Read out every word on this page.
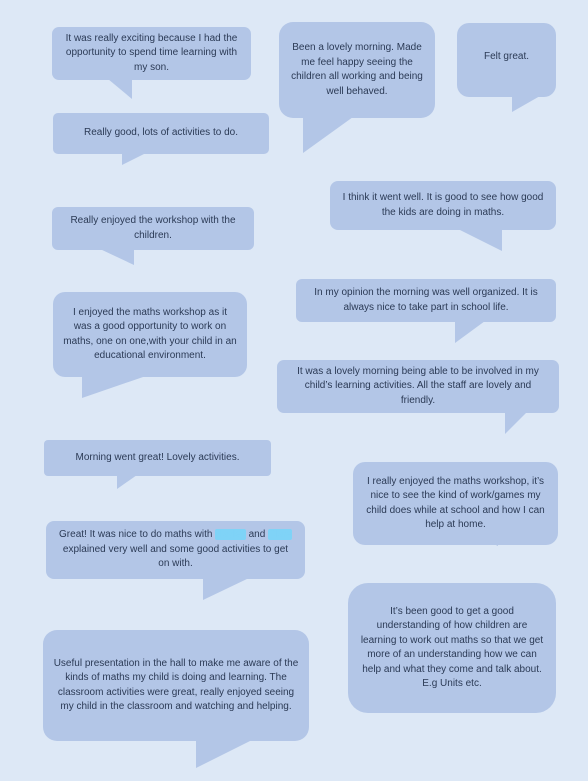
It was really exciting because I had the opportunity to spend time learning with my son.
Been a lovely morning. Made me feel happy seeing the children all working and being well behaved.
Felt great.
Really good, lots of activities to do.
I think it went well. It is good to see how good the kids are doing in maths.
Really enjoyed the workshop with the children.
In my opinion the morning was well organized. It is always nice to take part in school life.
I enjoyed the maths workshop as it was a good opportunity to work on maths, one on one,with your child in an educational environment.
It was a lovely morning being able to be involved in my child’s learning activities. All the staff are lovely and friendly.
Morning went great! Lovely activities.
I really enjoyed the maths workshop, it’s nice to see the kind of work/games my child does while at school and how I can help at home.
Great! It was nice to do maths with Hayley and Clare explained very well and some good activities to get on with.
It’s been good to get a good understanding of how children are learning to work out maths so that we get more of an understanding how we can help and what they come and talk about. E.g Units etc.
Useful presentation in the hall to make me aware of the kinds of maths my child is doing and learning. The classroom activities were great, really enjoyed seeing my child in the classroom and watching and helping.
